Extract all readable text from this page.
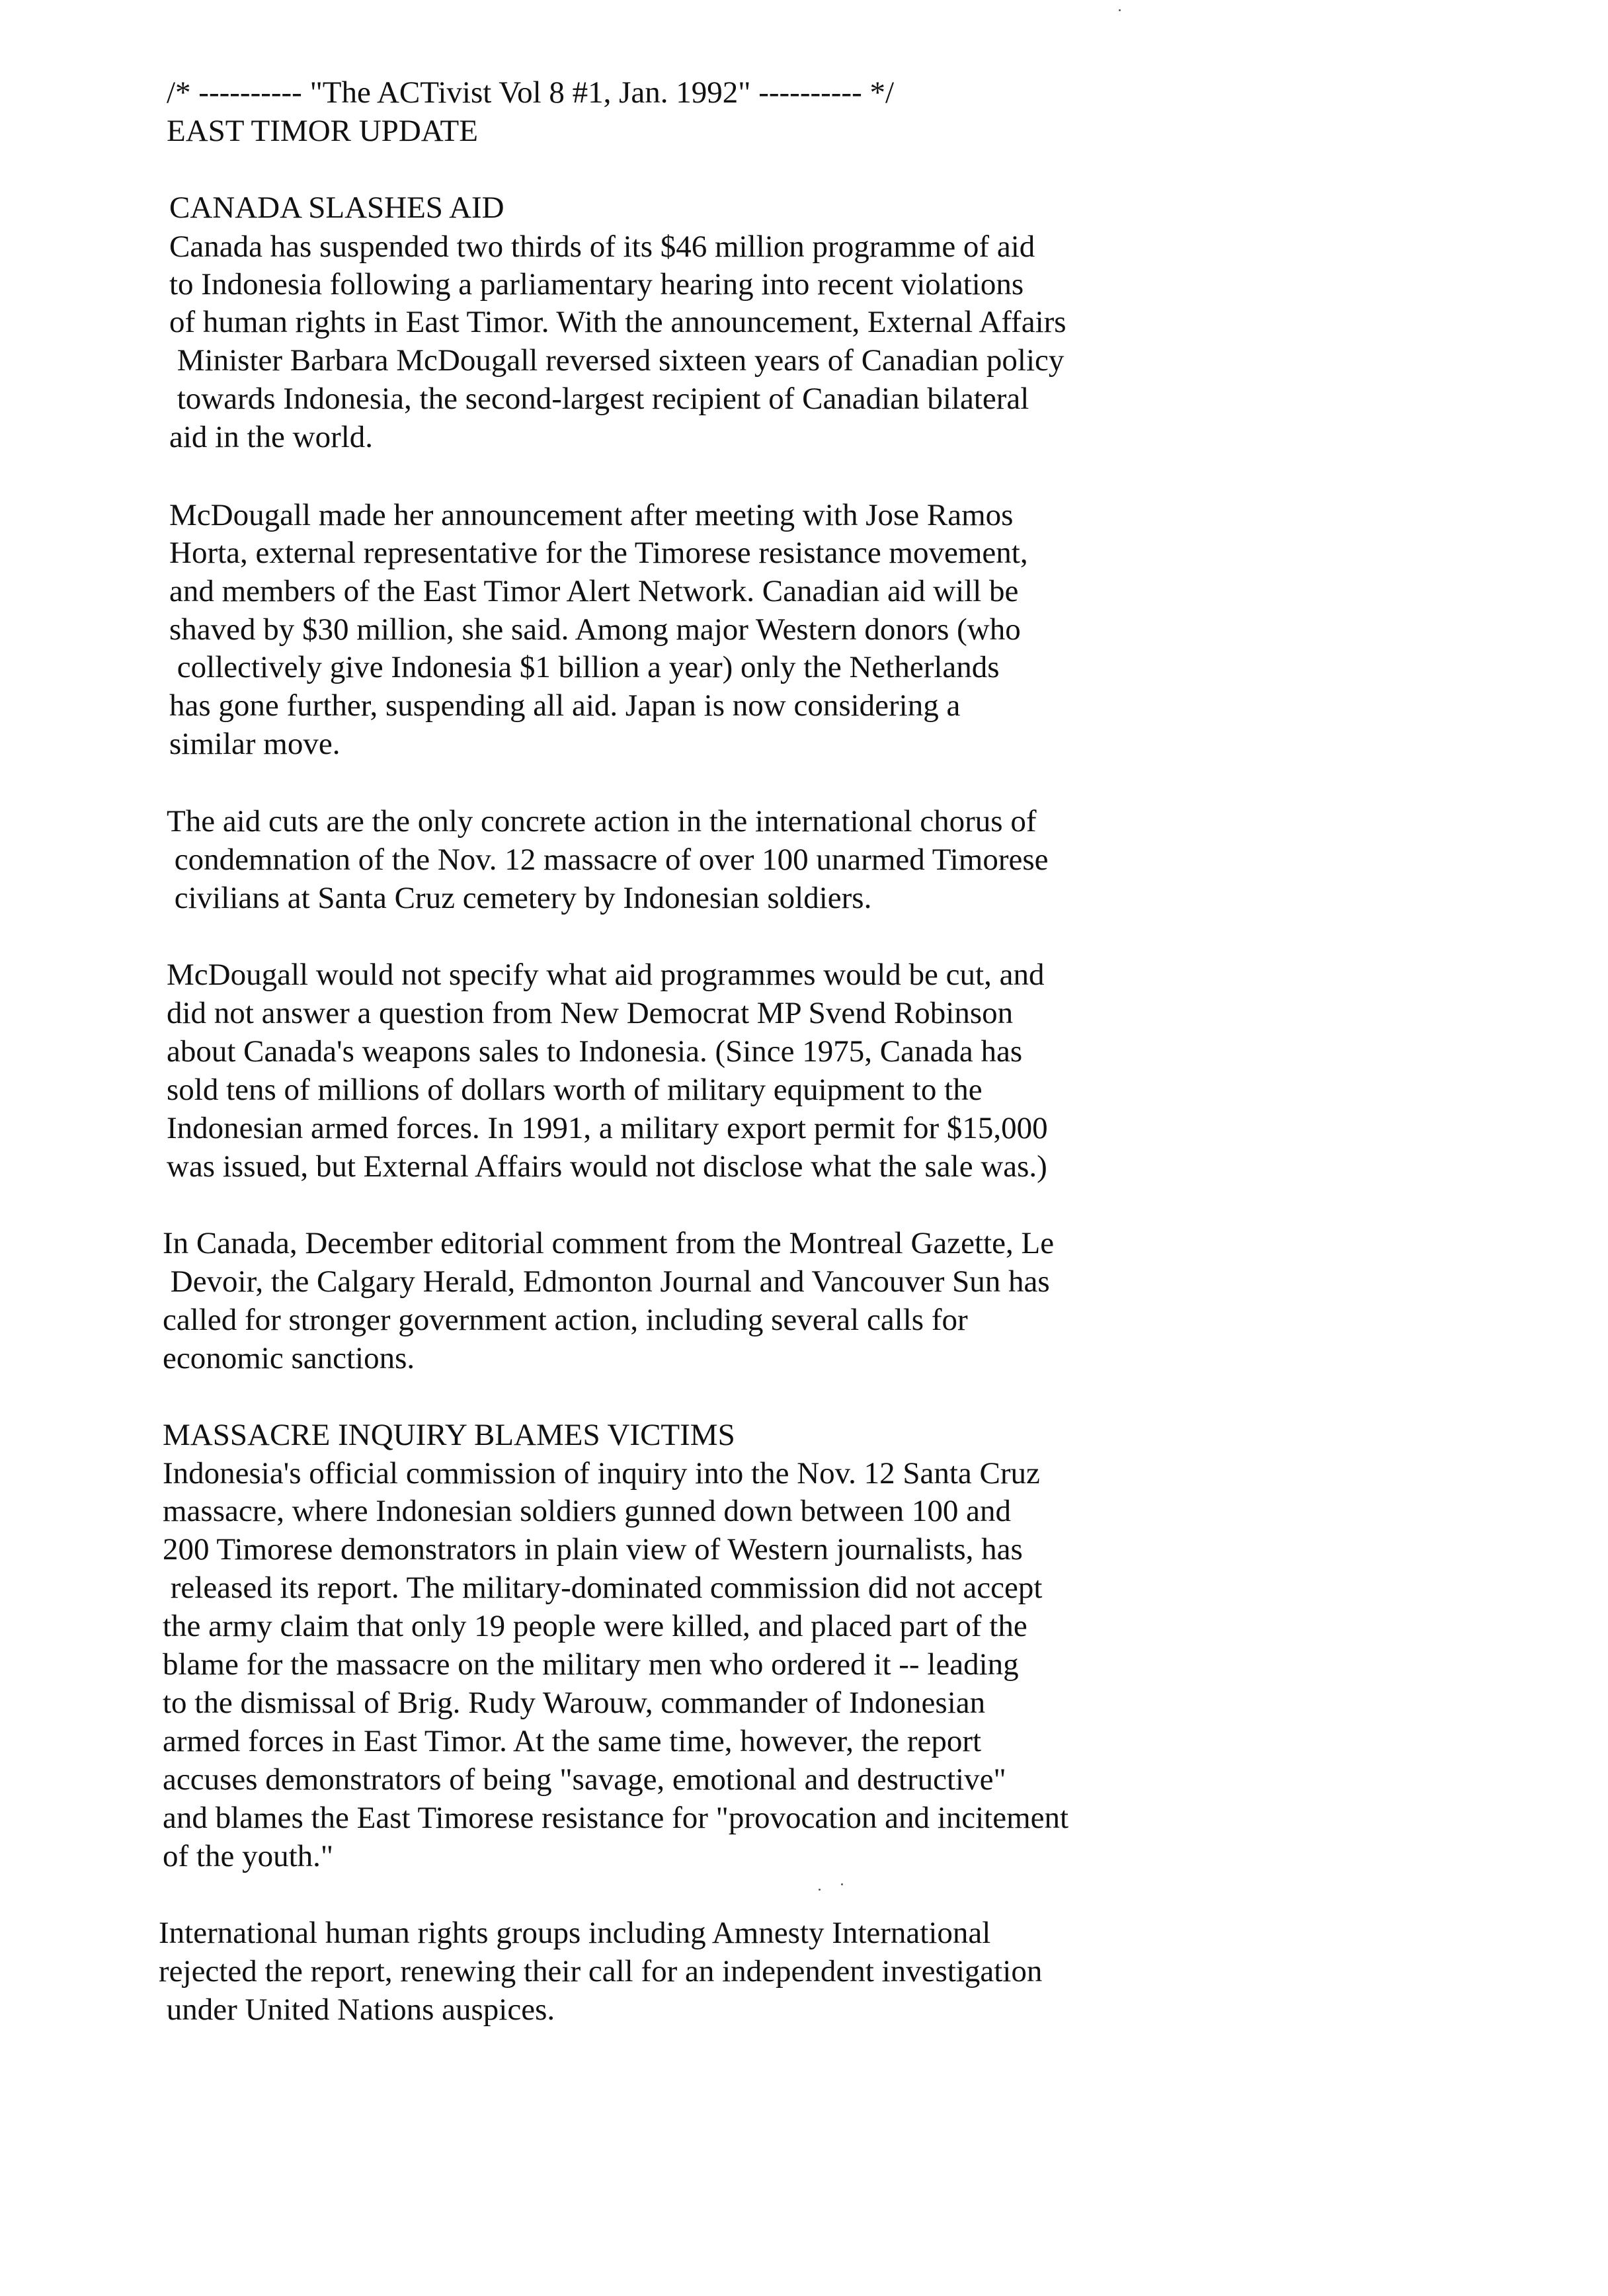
/* ---------- "The ACTivist Vol 8 #1, Jan. 1992" ---------- */
EAST TIMOR UPDATE
CANADA SLASHES AID
Canada has suspended two thirds of its $46 million programme of aid
to Indonesia following a parliamentary hearing into recent violations
of human rights in East Timor. With the announcement, External Affairs
Minister Barbara McDougall reversed sixteen years of Canadian policy
towards Indonesia, the second-largest recipient of Canadian bilateral
aid in the world.
McDougall made her announcement after meeting with Jose Ramos
Horta, external representative for the Timorese resistance movement,
and members of the East Timor Alert Network. Canadian aid will be
shaved by $30 million, she said. Among major Western donors (who
collectively give Indonesia $1 billion a year) only the Netherlands
has gone further, suspending all aid. Japan is now considering a
similar move.
The aid cuts are the only concrete action in the international chorus of
condemnation of the Nov. 12 massacre of over 100 unarmed Timorese
civilians at Santa Cruz cemetery by Indonesian soldiers.
McDougall would not specify what aid programmes would be cut, and
did not answer a question from New Democrat MP Svend Robinson
about Canada's weapons sales to Indonesia. (Since 1975, Canada has
sold tens of millions of dollars worth of military equipment to the
Indonesian armed forces. In 1991, a military export permit for $15,000
was issued, but External Affairs would not disclose what the sale was.)
In Canada, December editorial comment from the Montreal Gazette, Le
Devoir, the Calgary Herald, Edmonton Journal and Vancouver Sun has
called for stronger government action, including several calls for
economic sanctions.
MASSACRE INQUIRY BLAMES VICTIMS
Indonesia's official commission of inquiry into the Nov. 12 Santa Cruz
massacre, where Indonesian soldiers gunned down between 100 and
200 Timorese demonstrators in plain view of Western journalists, has
released its report. The military-dominated commission did not accept
the army claim that only 19 people were killed, and placed part of the
blame for the massacre on the military men who ordered it -- leading
to the dismissal of Brig. Rudy Warouw, commander of Indonesian
armed forces in East Timor. At the same time, however, the report
accuses demonstrators of being "savage, emotional and destructive"
and blames the East Timorese resistance for "provocation and incitement
of the youth."
International human rights groups including Amnesty International
rejected the report, renewing their call for an independent investigation
under United Nations auspices.
